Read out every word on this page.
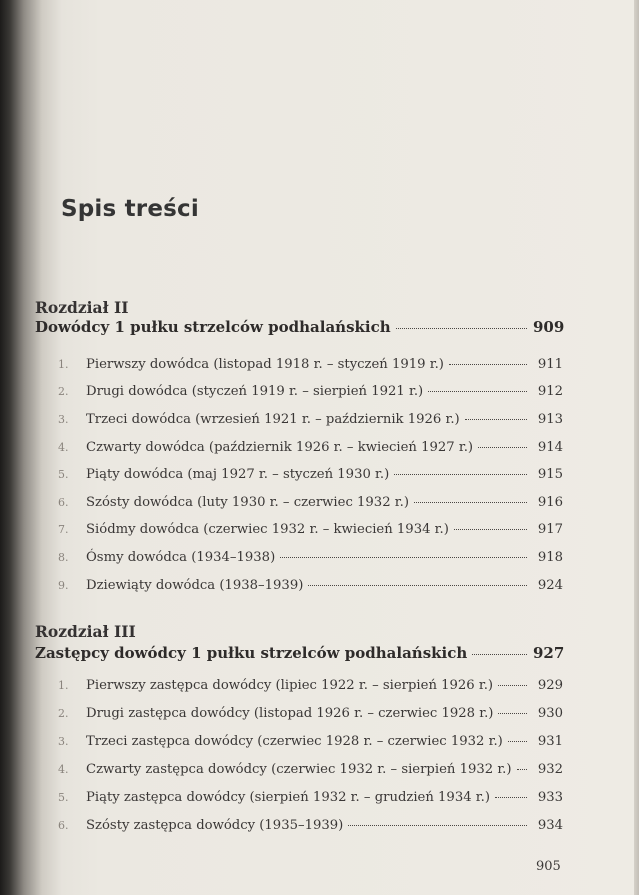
Spis treści
Rozdział II
Dowódcy 1 pułku strzelców podhalańskich	909
1.	Pierwszy dowódca (listopad 1918 r. – styczeń 1919 r.)	911
2.	Drugi dowódca (styczeń 1919 r. – sierpień 1921 r.)	912
3.	Trzeci dowódca (wrzesień 1921 r. – październik 1926 r.)	913
4.	Czwarty dowódca (październik 1926 r. – kwiecień 1927 r.)	914
5.	Piąty dowódca (maj 1927 r. – styczeń 1930 r.)	915
6.	Szósty dowódca (luty 1930 r. – czerwiec 1932 r.)	916
7.	Siódmy dowódca (czerwiec 1932 r. – kwiecień 1934 r.)	917
8.	Ósmy dowódca (1934–1938)	918
9.	Dziewiąty dowódca (1938–1939)	924
Rozdział III
Zastępcy dowódcy 1 pułku strzelców podhalańskich	927
1.	Pierwszy zastępca dowódcy (lipiec 1922 r. – sierpień 1926 r.)	929
2.	Drugi zastępca dowódcy (listopad 1926 r. – czerwiec 1928 r.)	930
3.	Trzeci zastępca dowódcy (czerwiec 1928 r. – czerwiec 1932 r.)	931
4.	Czwarty zastępca dowódcy (czerwiec 1932 r. – sierpień 1932 r.)	932
5.	Piąty zastępca dowódcy (sierpień 1932 r. – grudzień 1934 r.)	933
6.	Szósty zastępca dowódcy (1935–1939)	934
905
